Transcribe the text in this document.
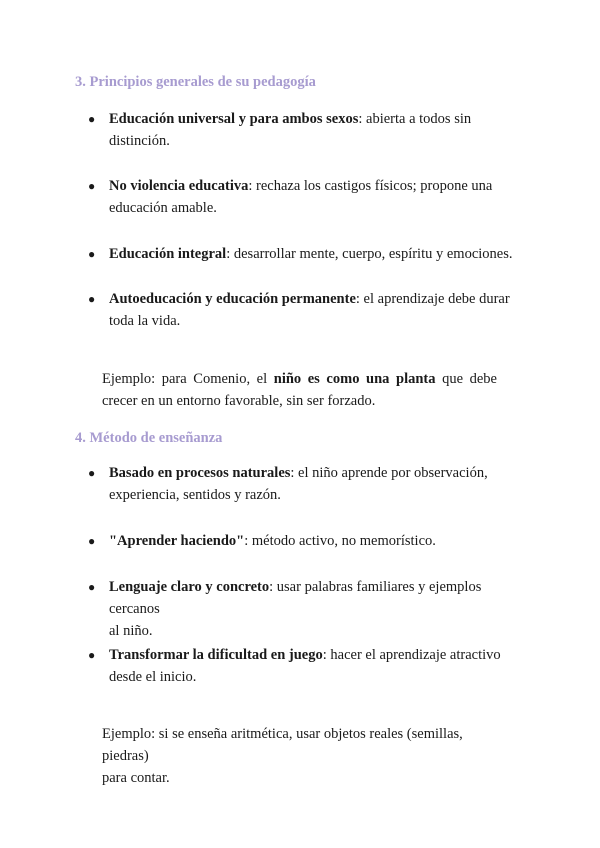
3. Principios generales de su pedagogía
● Educación universal y para ambos sexos: abierta a todos sin
distinción.
● No violencia educativa: rechaza los castigos físicos; propone una
educación amable.
● Educación integral: desarrollar mente, cuerpo, espíritu y emociones.
● Autoeducación y educación permanente: el aprendizaje debe durar
toda la vida.
Ejemplo: para Comenio, el niño es como una planta que debe
crecer en un entorno favorable, sin ser forzado.
4. Método de enseñanza
● Basado en procesos naturales: el niño aprende por observación,
experiencia, sentidos y razón.
● "Aprender haciendo": método activo, no memorístico.
● Lenguaje claro y concreto: usar palabras familiares y ejemplos cercanos
al niño.
● Transformar la dificultad en juego: hacer el aprendizaje atractivo
desde el inicio.
Ejemplo: si se enseña aritmética, usar objetos reales (semillas, piedras)
para contar.
